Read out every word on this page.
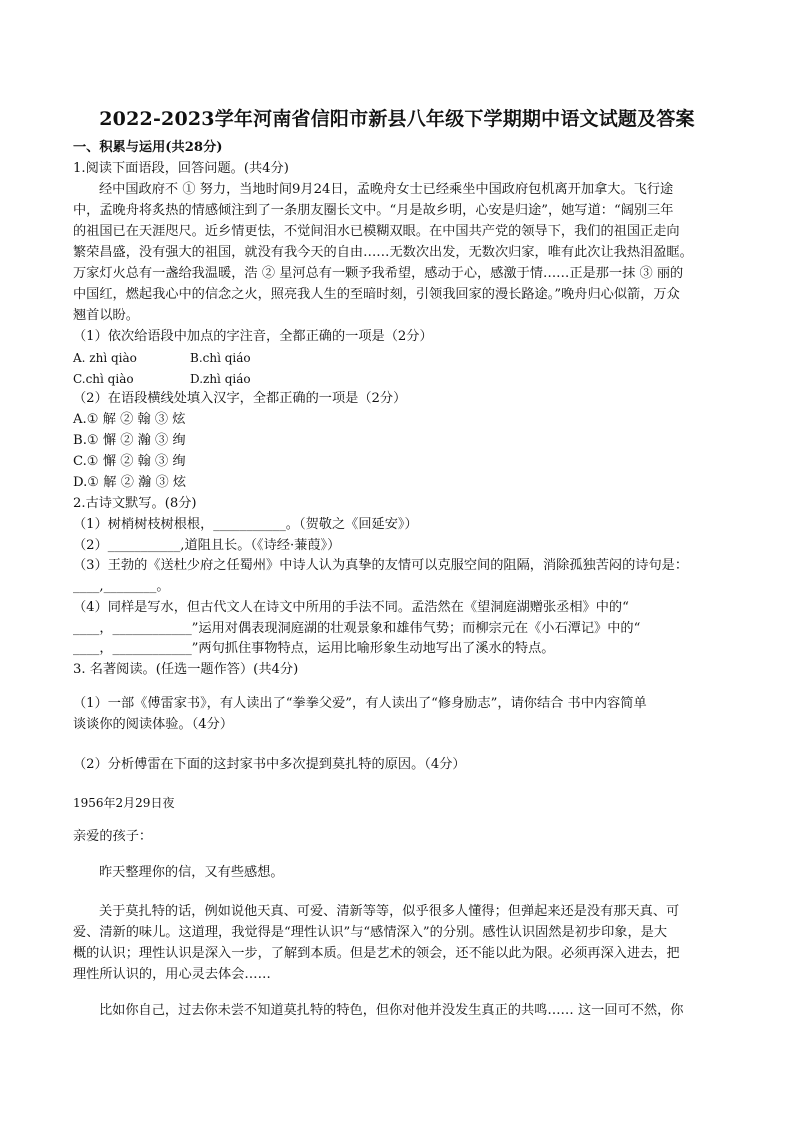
2022-2023学年河南省信阳市新县八年级下学期期中语文试题及答案
一、积累与运用(共28分)
1.阅读下面语段，回答问题。(共4分)
经中国政府不 ① 努力，当地时间9月24日，孟晚舟女士已经乘坐中国政府包机离开加拿大。飞行途
中，孟晚舟将炙热的情感倾注到了一条朋友圈长文中。“月是故乡明，心安是归途”，她写道：“阔别三年
的祖国已在天涯咫尺。近乡情更怯，不觉间泪水已模糊双眼。在中国共产党的领导下，我们的祖国正走向
繁荣昌盛，没有强大的祖国，就没有我今天的自由……无数次出发，无数次归家，唯有此次让我热泪盈眶。
万家灯火总有一盏给我温暖，浩 ② 星河总有一颗予我希望，感动于心，感激于情……正是那一抹 ③ 丽的
中国红，燃起我心中的信念之火，照亮我人生的至暗时刻，引领我回家的漫长路途。”晚舟归心似箭，万众
翘首以盼。
（1）依次给语段中加点的字注音，全都正确的一项是（2分）
A. zhì qiào	B.chì qiáo
C.chì qiào	D.zhì qiáo
（2）在语段横线处填入汉字，全都正确的一项是（2分）
A.① 解 ② 翰 ③ 炫
B.① 懈 ② 瀚 ③ 绚
C.① 懈 ② 翰 ③ 绚
D.① 解 ② 瀚 ③ 炫
2.古诗文默写。(8分)
（1）树梢树枝树根根，___________。（贺敬之《回延安》）
（2）___________,道阻且长。（《诗经·蒹葭》）
（3）王勃的《送杜少府之任蜀州》中诗人认为真挚的友情可以克服空间的阻隔，消除孤独苦闷的诗句是：
____,________。
（4）同样是写水，但古代文人在诗文中所用的手法不同。孟浩然在《望洞庭湖赠张丞相》中的“
____，____________”运用对偶表现洞庭湖的壮观景象和雄伟气势；而柳宗元在《小石潭记》中的“
____，____________”两句抓住事物特点，运用比喻形象生动地写出了溪水的特点。
3. 名著阅读。(任选一题作答）(共4分)
（1）一部《傅雷家书》，有人读出了“拳拳父爱”，有人读出了“修身励志”，请你结合 书中内容简单
谈谈你的阅读体验。（4分）
（2）分析傅雷在下面的这封家书中多次提到莫扎特的原因。（4分）
1956年2月29日夜
亲爱的孩子：
昨天整理你的信，又有些感想。
关于莫扎特的话，例如说他天真、可爱、清新等等，似乎很多人懂得；但弹起来还是没有那天真、可
爱、清新的味儿。这道理，我觉得是“理性认识”与“感情深入”的分别。感性认识固然是初步印象，是大
概的认识；理性认识是深入一步，了解到本质。但是艺术的领会，还不能以此为限。必须再深入进去，把
理性所认识的，用心灵去体会……
比如你自己，过去你未尝不知道莫扎特的特色，但你对他并没发生真正的共鸣…… 这一回可不然，你
